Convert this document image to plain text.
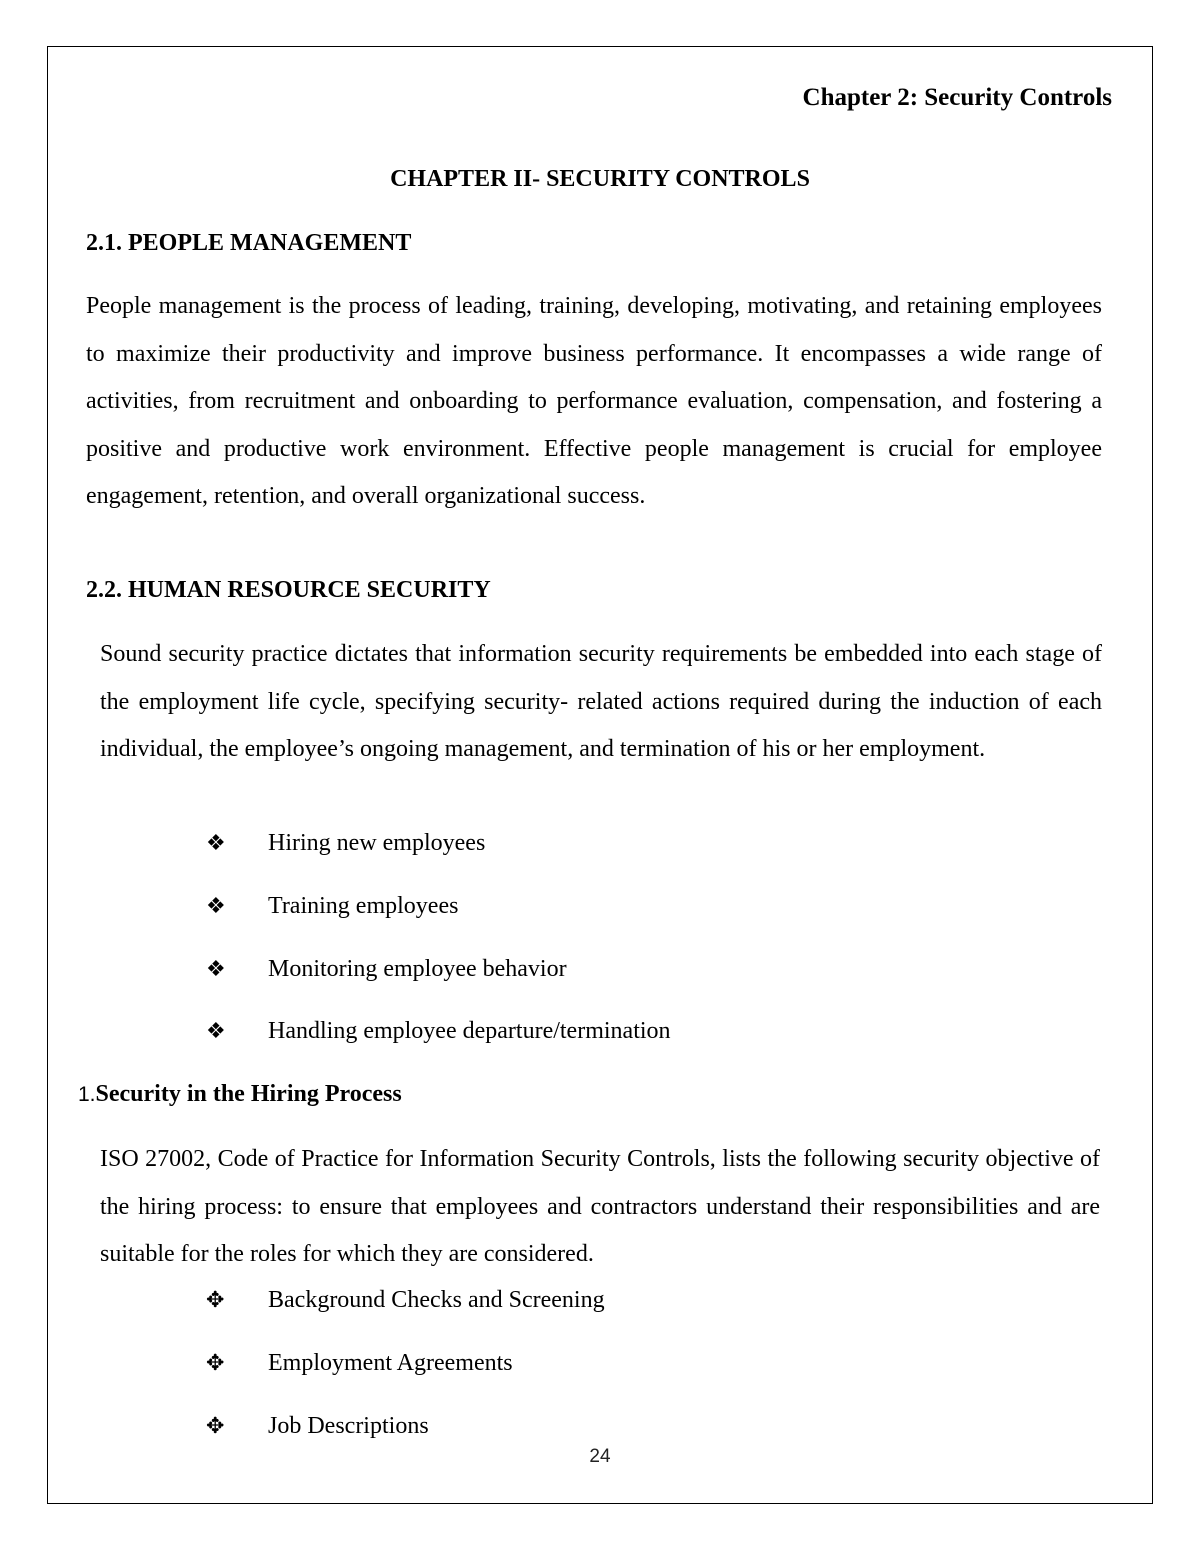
Chapter 2: Security Controls
CHAPTER II- SECURITY CONTROLS
2.1. PEOPLE MANAGEMENT

People management is the process of leading, training, developing, motivating, and retaining employees to maximize their productivity and improve business performance. It encompasses a wide range of activities, from recruitment and onboarding to performance evaluation, compensation, and fostering a positive and productive work environment. Effective people management is crucial for employee engagement, retention, and overall organizational success.

2.2. HUMAN RESOURCE SECURITY

Sound security practice dictates that information security requirements be embedded into each stage of the employment life cycle, specifying security- related actions required during the induction of each individual, the employee’s ongoing management, and termination of his or her employment.

❖ Hiring new employees
❖ Training employees
❖ Monitoring employee behavior
❖ Handling employee departure/termination
1.Security in the Hiring Process

ISO 27002, Code of Practice for Information Security Controls, lists the following security objective of the hiring process: to ensure that employees and contractors understand their responsibilities and are suitable for the roles for which they are considered.

✥ Background Checks and Screening
✥ Employment Agreements
✥ Job Descriptions
24
